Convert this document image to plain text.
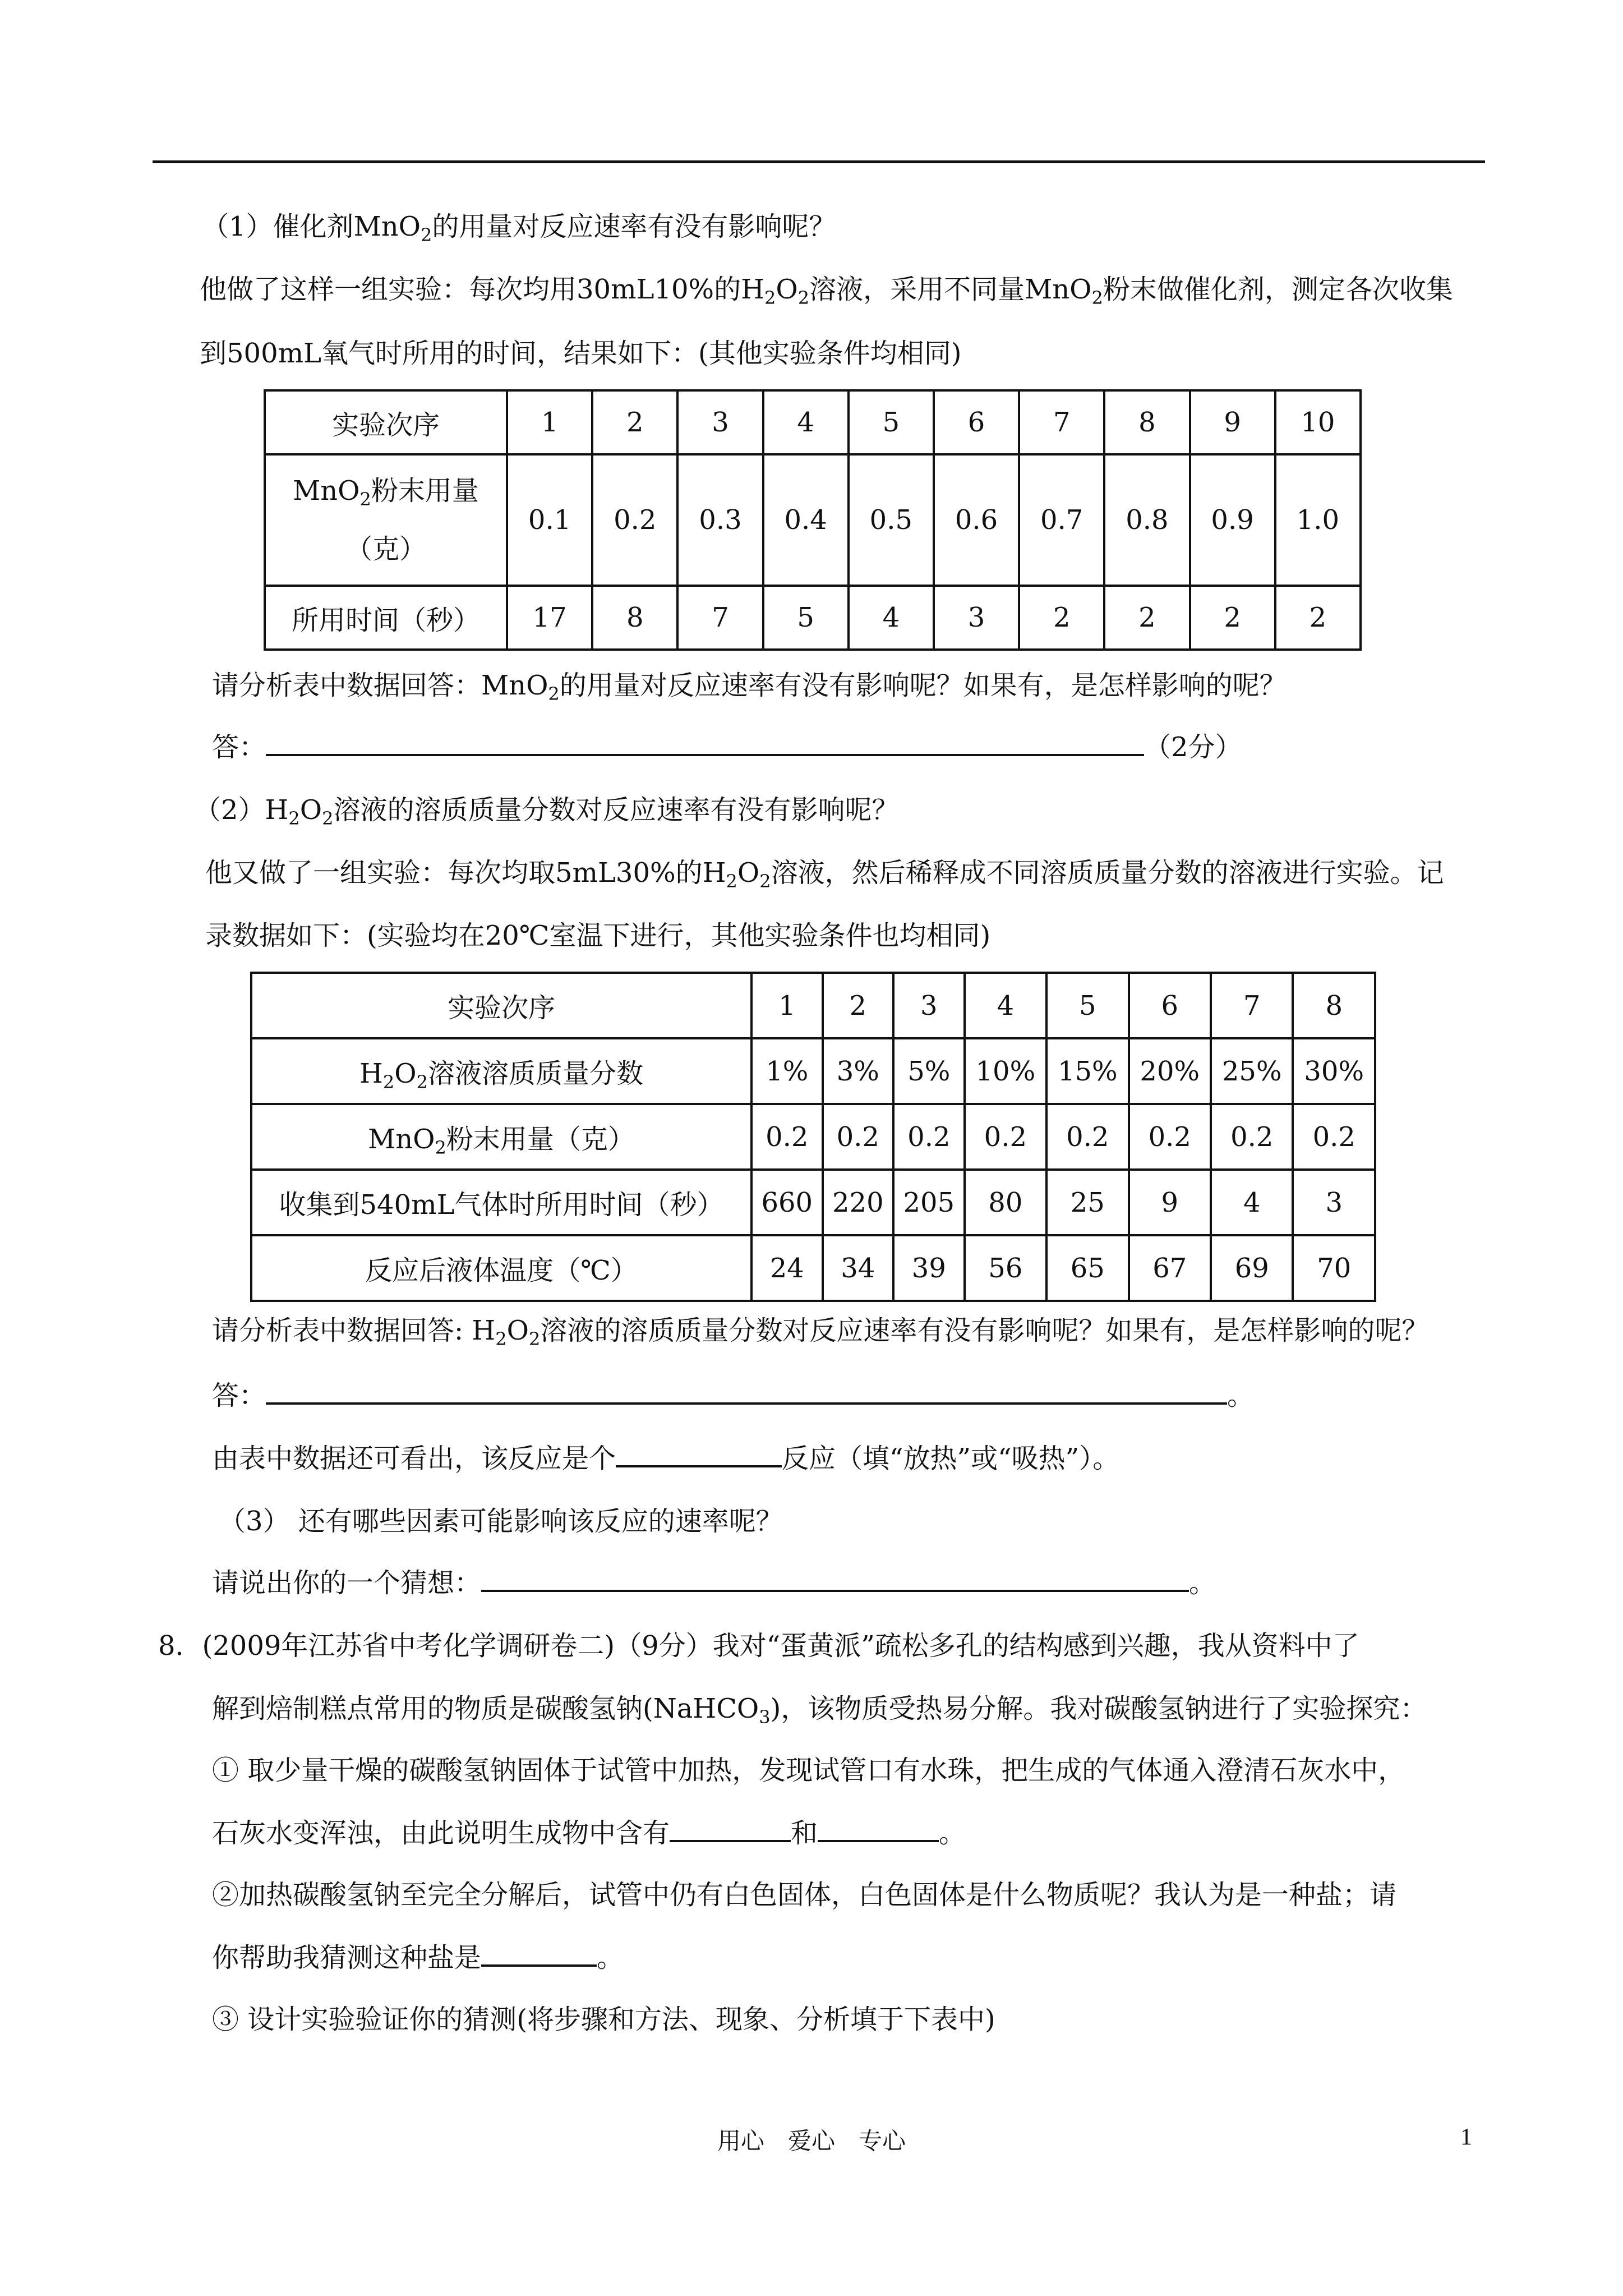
（1）催化剂MnO$_2$的用量对反应速率有没有影响呢？
他做了这样一组实验：每次均用30mL10%的$H_2O_2$溶液，采用不同量MnO$_2$粉末做催化剂，测定各次收集
到500mL氧气时所用的时间，结果如下：(其他实验条件均相同)
实验次序	1	2	3	4	5	6	7	8	9	10
MnO$_2$粉末用量
（克）	0.1	0.2	0.3	0.4	0.5	0.6	0.7	0.8	0.9	1.0
所用时间（秒）	17	8	7	5	4	3	2	2	2	2
请分析表中数据回答：MnO$_2$的用量对反应速率有没有影响呢？如果有，是怎样影响的呢？
答：	（2分）
$(2)H_2O_2$溶液的溶质质量分数对反应速率有没有影响呢？
他又做了一组实验：每次均取5mL30%的$H_2O_2$溶液，然后稀释成不同溶质质量分数的溶液进行实验。记
录数据如下：(实验均在20℃室温下进行，其他实验条件也均相同)
实验次序	1	2	3	4	5	6	7	8
$H_2O_2$溶液溶质质量分数	1%	3%	5%	10%	15%	20%	25%	30%
MnO$_2$粉末用量（克）	0.2	0.2	0.2	0.2	0.2	0.2	0.2	0.2
收集到540mL气体时所用时间（秒）	660	220	205	80	25	9	4	3
反应后液体温度（℃）	24	34	39	56	65	67	69	70
请分析表中数据回答: $H_2O_2$溶液的溶质质量分数对反应速率有没有影响呢？如果有，是怎样影响的呢？
答：	。
由表中数据还可看出，该反应是个	反应（填“放热”或“吸热”）。
（3） 还有哪些因素可能影响该反应的速率呢？
请说出你的一个猜想：	。
8．(2009年江苏省中考化学调研卷二)（9分）我对“蛋黄派”疏松多孔的结构感到兴趣，我从资料中了
解到焙制糕点常用的物质是碳酸氢钠(NaHCO$_3$)，该物质受热易分解。我对碳酸氢钠进行了实验探究：
① 取少量干燥的碳酸氢钠固体于试管中加热，发现试管口有水珠，把生成的气体通入澄清石灰水中，
石灰水变浑浊，由此说明生成物中含有	和	。
②加热碳酸氢钠至完全分解后，试管中仍有白色固体，白色固体是什么物质呢？我认为是一种盐；请
你帮助我猜测这种盐是	。
③ 设计实验验证你的猜测(将步骤和方法、现象、分析填于下表中)
用心　爱心　专心	1
